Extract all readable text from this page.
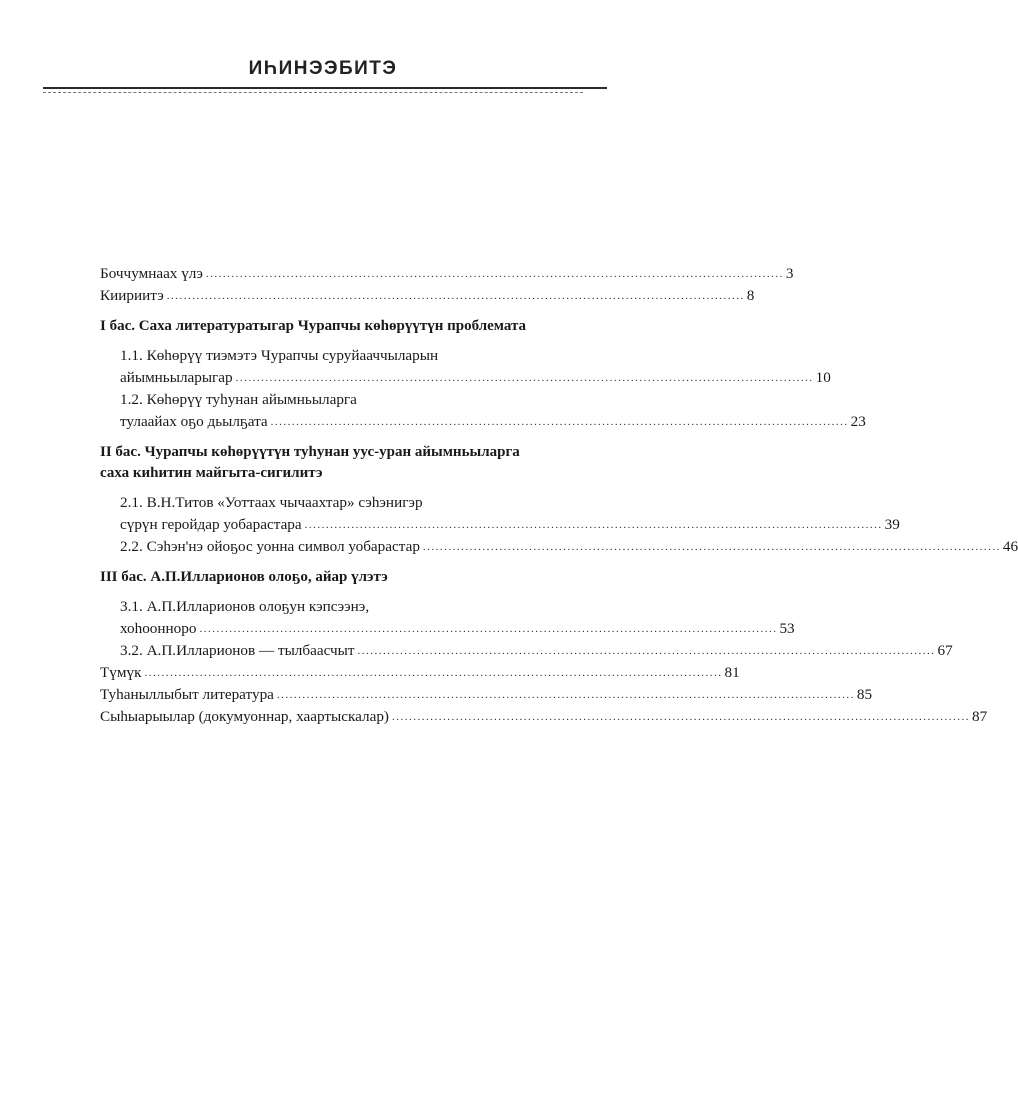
ИҺИНЭЭБИТЭ
Боччумнаах үлэ ........................................................................................................................................ 3
Киириитэ ........................................................................................................................................ 8
I бас. Саха литературатыгар Чурапчы көһөрүүтүн проблемата
1.1. Көһөрүү тиэмэтэ Чурапчы суруйааччыларын
айымньыларыгар ........................................................................................................................................ 10
1.2. Көһөрүү туһунан айымньыларга
тулаайах оҕо дьылҕата ........................................................................................................................................ 23
II бас. Чурапчы көһөрүүтүн туһунан уус-уран айымньыларга саха киһитин майгыта-сигилитэ
2.1. В.Н.Титов «Уоттаах чычаахтар» сэһэнигэр
сүрүн геройдар уобарастара ........................................................................................................................................ 39
2.2. Сэһэн'нэ ойоҕос уонна символ уобарастар ........................................................................................................................................ 46
III бас. А.П.Илларионов олоҕо, айар үлэтэ
3.1. А.П.Илларионов олоҕун кэпсээнэ,
хоһоонноро ........................................................................................................................................ 53
3.2. А.П.Илларионов — тылбаасчыт ........................................................................................................................................ 67
Түмүк ........................................................................................................................................ 81
Туһаныллыбыт литература ........................................................................................................................................ 85
Сыһыарыылар (докумуоннар, хаартыскалар) ........................................................................................................................................ 87
